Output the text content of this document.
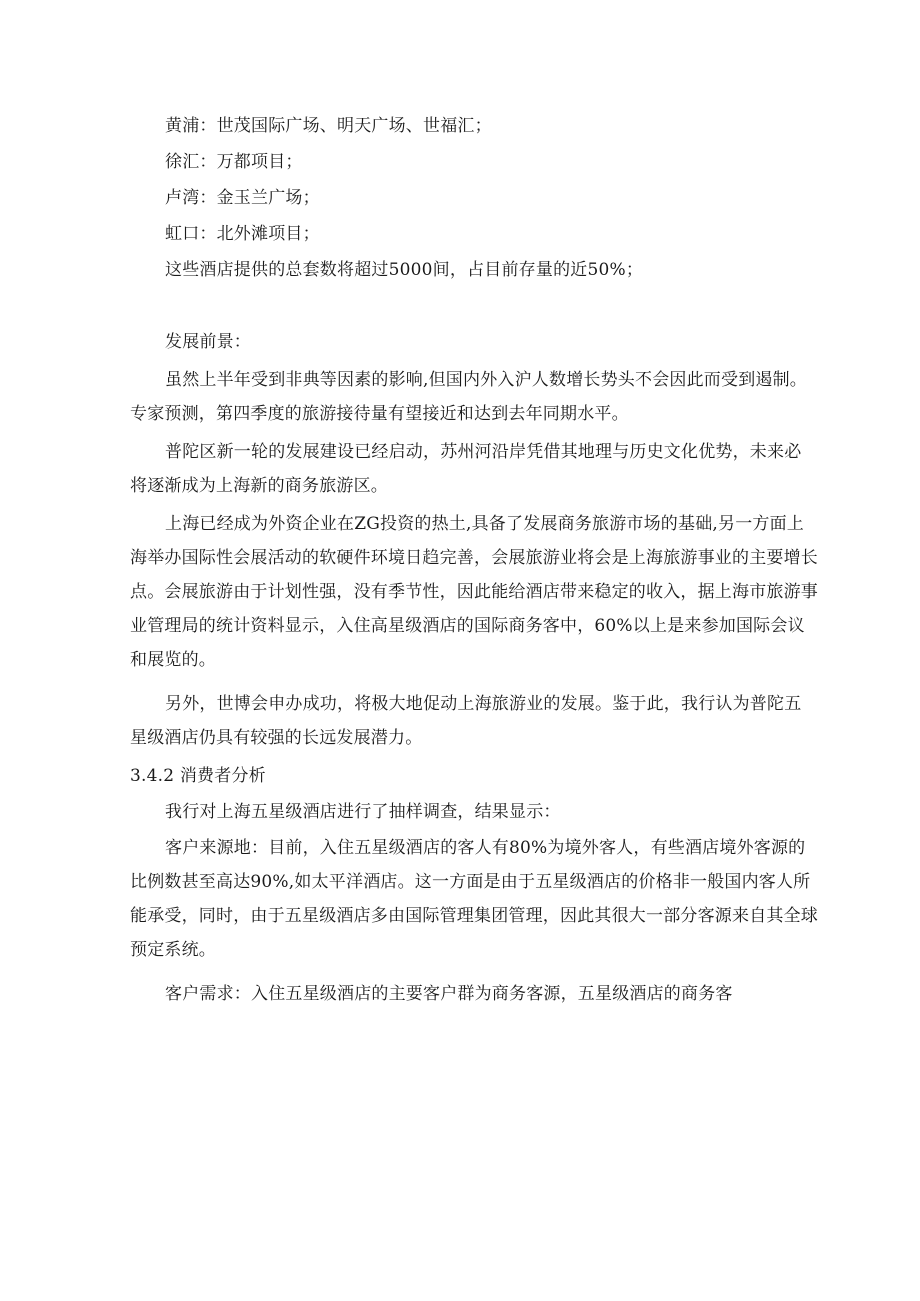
黄浦：世茂国际广场、明天广场、世福汇；

徐汇：万都项目；

卢湾：金玉兰广场；

虹口：北外滩项目；

这些酒店提供的总套数将超过5000间，占目前存量的近50%；

发展前景：

虽然上半年受到非典等因素的影响,但国内外入沪人数增长势头不会因此而受到遏制。专家预测，第四季度的旅游接待量有望接近和达到去年同期水平。

普陀区新一轮的发展建设已经启动，苏州河沿岸凭借其地理与历史文化优势，未来必将逐渐成为上海新的商务旅游区。

上海已经成为外资企业在ZG投资的热土,具备了发展商务旅游市场的基础,另一方面上海举办国际性会展活动的软硬件环境日趋完善，会展旅游业将会是上海旅游事业的主要增长点。会展旅游由于计划性强，没有季节性，因此能给酒店带来稳定的收入，据上海市旅游事业管理局的统计资料显示，入住高星级酒店的国际商务客中，60%以上是来参加国际会议和展览的。

另外，世博会申办成功，将极大地促动上海旅游业的发展。鉴于此，我行认为普陀五星级酒店仍具有较强的长远发展潜力。

3.4.2 消费者分析

我行对上海五星级酒店进行了抽样调查，结果显示：

客户来源地：目前，入住五星级酒店的客人有80%为境外客人，有些酒店境外客源的比例数甚至高达90%,如太平洋酒店。这一方面是由于五星级酒店的价格非一般国内客人所能承受，同时，由于五星级酒店多由国际管理集团管理，因此其很大一部分客源来自其全球预定系统。

客户需求：入住五星级酒店的主要客户群为商务客源，五星级酒店的商务客
